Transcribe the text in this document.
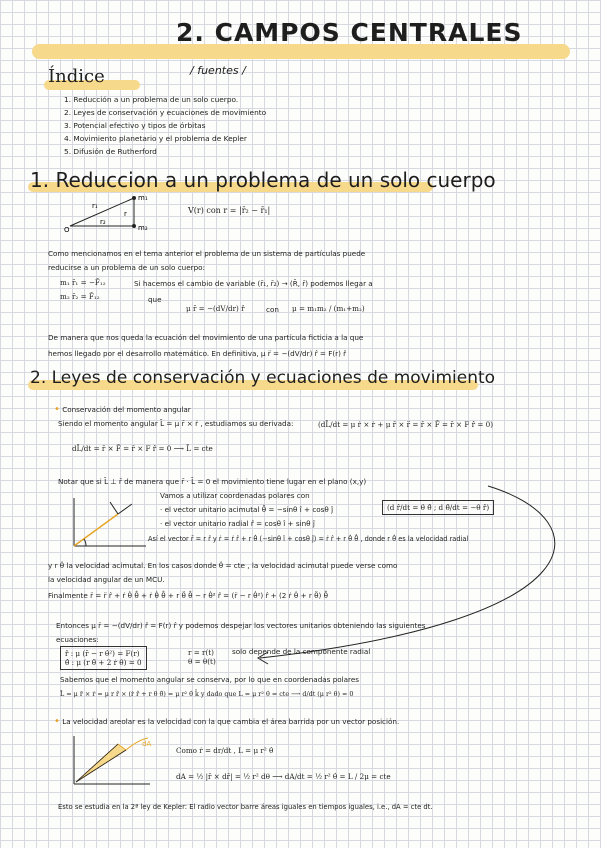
2. CAMPOS CENTRALES
Índice	/ fuentes /
1. Reducción a un problema de un solo cuerpo.
2. Leyes de conservación y ecuaciones de movimiento
3. Potencial efectivo y tipos de órbitas
4. Movimiento planetario y el problema de Kepler
5. Difusión de Rutherford
1. Reduccion a un problema de un solo cuerpo
r₁
r
r₂
m₁
m₂
O
V(r) con r = |r̄₂ − r̄₁|
Como mencionamos en el tema anterior el problema de un sistema de partículas puede
reducirse a un problema de un solo cuerpo:
m₁ r̈₁ = −F̄₁₂
m₂ r̈₂ = F̄₁₂
Si hacemos el cambio de variable (r̄₁, r̄₂) → (R̄, r̄) podemos llegar a
que
μ r̈ = −(dV/dr) r̂	con μ = m₁m₂ / (m₁+m₂)
De manera que nos queda la ecuación del movimiento de una partícula ficticia a la que
hemos llegado por el desarrollo matemático. En definitiva, μ r̈ = −(dV/dr) r̂ = F(r) r̂
2. Leyes de conservación y ecuaciones de movimiento
• Conservación del momento angular
Siendo el momento angular L̄ = μ r̄ × ṙ , estudiamos su derivada:	(dL̄/dt = μ ṙ × ṙ + μ r̄ × r̈ = r̄ × F̄ = r̄ × F r̂ = 0)
dL̄/dt = r̄ × F̄ = r̄ × F r̂ = 0 ⟶ L̄ = cte
Notar que si L̄ ⊥ r̄ de manera que r̄ · L̄ = 0 el movimiento tiene lugar en el plano (x,y)
Vamos a utilizar coordenadas polares con
· el vector unitario acimutal θ̂ = −sinθ î + cosθ ĵ
· el vector unitario radial r̂ = cosθ î + sinθ ĵ
(d r̂/dt = θ̇ θ̂ ; d θ̂/dt = −θ̇ r̂)
Así el vector r̄ = r r̂ y ṙ = ṙ r̂ + r θ̇ (−sinθ î + cosθ ĵ) = ṙ r̂ + r θ̇ θ̂ , donde r θ̇ es la velocidad radial
y r θ̇ la velocidad acimutal. En los casos donde θ̇ = cte , la velocidad acimutal puede verse como
la velocidad angular de un MCU.
Finalmente r̈ = r̈ r̂ + ṙ θ̇ θ̂ + ṙ θ̇ θ̂ + r θ̈ θ̂ − r θ̇² r̂ = (r̈ − r θ̇²) r̂ + (2 ṙ θ̇ + r θ̈) θ̂
Entonces μ r̈ = −(dV/dr) r̂ = F(r) r̂ y podemos despejar los vectores unitarios obteniendo las siguientes
ecuaciones:
r̂ : μ (r̈ − r θ̇²) = F(r)
θ̂ : μ (r θ̈ + 2 ṙ θ̇) = 0
r = r(t)
θ = θ(t)
solo depende de la componente radial
Sabemos que el momento angular se conserva, por lo que en coordenadas polares
L̄ = μ r̄ × ṙ = μ r r̂ × (ṙ r̂ + r θ̇ θ̂) = μ r² θ̇ k̂ y dado que L = μ r² θ̇ = cte ⟶ d/dt (μ r² θ̇) = 0
• La velocidad areolar es la velocidad con la que cambia el área barrida por un vector posición.
dA
Como ṙ = dr/dt , L = μ r² θ̇
dA = ½ |r̄ × dr̄| = ½ r² dθ ⟶ dA/dt = ½ r² θ̇ = L / 2μ = cte
Esto se estudia en la 2ª ley de Kepler: El radio vector barre áreas iguales en tiempos iguales, i.e., dA = cte dt.
